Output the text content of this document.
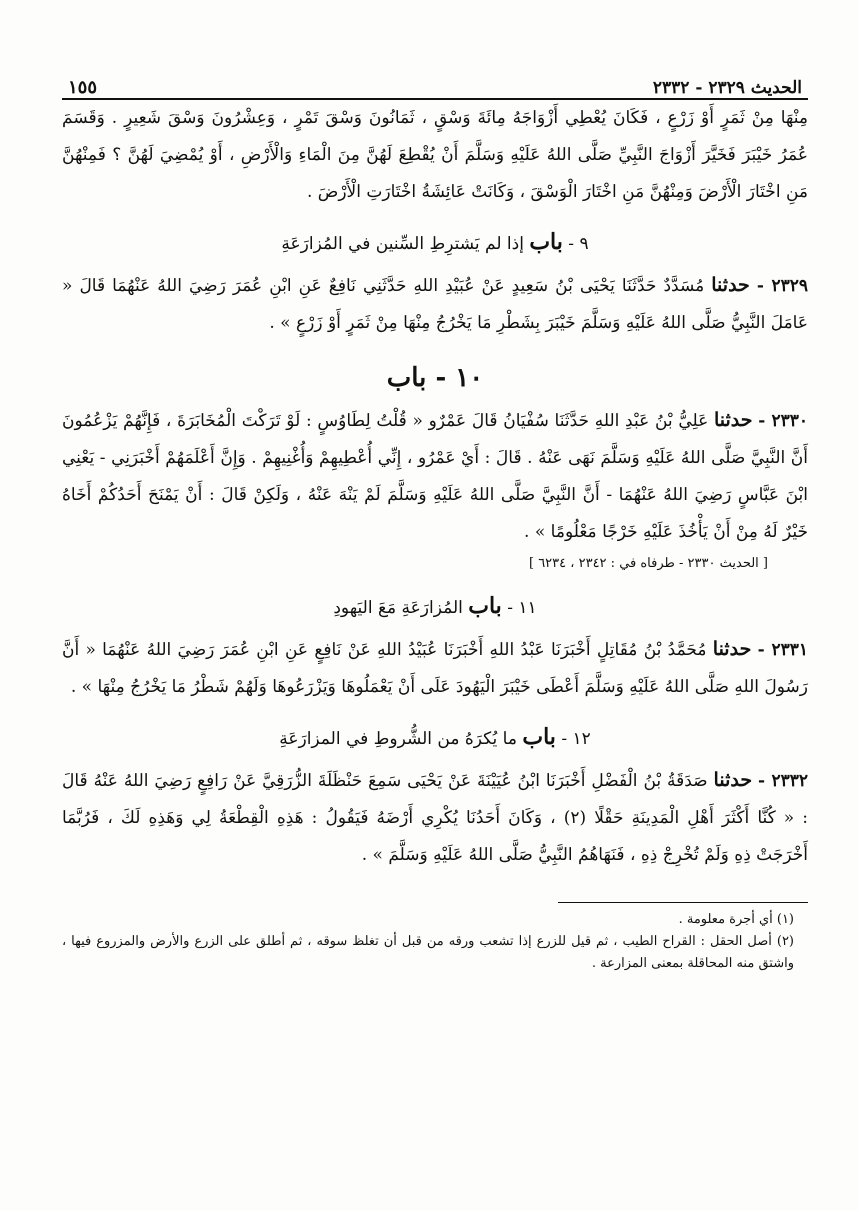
الحديث ٢٣٢٩ - ٢٣٣٢
١٥٥

مِنْهَا مِنْ ثَمَرٍ أَوْ زَرْعٍ ، فَكَانَ يُعْطِي أَزْوَاجَهُ مِائَةَ وَسْقٍ ، ثَمَانُونَ وَسْقَ تَمْرٍ ، وَعِشْرُونَ وَسْقَ شَعِيرٍ . وَقَسَمَ عُمَرُ خَيْبَرَ فَخَيَّرَ أَزْوَاجَ النَّبِيِّ صَلَّى اللهُ عَلَيْهِ وَسَلَّمَ أَنْ يُقْطِعَ لَهُنَّ مِنَ الْمَاءِ وَالْأَرْضِ ، أَوْ يُمْضِيَ لَهُنَّ ؟ فَمِنْهُنَّ مَنِ اخْتَارَ الْأَرْضَ وَمِنْهُنَّ مَنِ اخْتَارَ الْوَسْقَ ، وَكَانَتْ عَائِشَةُ اخْتَارَتِ الْأَرْضَ .

٩ - باب إذا لم يَشترِطِ السِّنين في المُزارَعَةِ

٢٣٢٩ - حدثنا مُسَدَّدٌ حَدَّثَنَا يَحْيَى بْنُ سَعِيدٍ عَنْ عُبَيْدِ اللهِ حَدَّثَنِي نَافِعٌ عَنِ ابْنِ عُمَرَ رَضِيَ اللهُ عَنْهُمَا قَالَ « عَامَلَ النَّبِيُّ صَلَّى اللهُ عَلَيْهِ وَسَلَّمَ خَيْبَرَ بِشَطْرِ مَا يَخْرُجُ مِنْهَا مِنْ ثَمَرٍ أَوْ زَرْعٍ » .

١٠ - باب

٢٣٣٠ - حدثنا عَلِيُّ بْنُ عَبْدِ اللهِ حَدَّثَنَا سُفْيَانُ قَالَ عَمْرٌو « قُلْتُ لِطَاوُسٍ : لَوْ تَرَكْتَ الْمُخَابَرَةَ ، فَإِنَّهُمْ يَزْعُمُونَ أَنَّ النَّبِيَّ صَلَّى اللهُ عَلَيْهِ وَسَلَّمَ نَهَى عَنْهُ . قَالَ : أَيْ عَمْرُو ، إِنِّي أُعْطِيهِمْ وَأُغْنِيهِمْ . وَإِنَّ أَعْلَمَهُمْ أَخْبَرَنِي - يَعْنِي ابْنَ عَبَّاسٍ رَضِيَ اللهُ عَنْهُمَا - أَنَّ النَّبِيَّ صَلَّى اللهُ عَلَيْهِ وَسَلَّمَ لَمْ يَنْهَ عَنْهُ ، وَلَكِنْ قَالَ : أَنْ يَمْنَحَ أَحَدُكُمْ أَخَاهُ خَيْرٌ لَهُ مِنْ أَنْ يَأْخُذَ عَلَيْهِ خَرْجًا مَعْلُومًا » .

[ الحديث ٢٣٣٠ - طرفاه في : ٢٣٤٢ ، ٦٢٣٤ ]
١١ - باب المُزارَعَةِ مَعَ اليَهودِ

٢٣٣١ - حدثنا مُحَمَّدُ بْنُ مُقَاتِلٍ أَخْبَرَنَا عَبْدُ اللهِ أَخْبَرَنَا عُبَيْدُ اللهِ عَنْ نَافِعٍ عَنِ ابْنِ عُمَرَ رَضِيَ اللهُ عَنْهُمَا « أَنَّ رَسُولَ اللهِ صَلَّى اللهُ عَلَيْهِ وَسَلَّمَ أَعْطَى خَيْبَرَ الْيَهُودَ عَلَى أَنْ يَعْمَلُوهَا وَيَزْرَعُوهَا وَلَهُمْ شَطْرُ مَا يَخْرُجُ مِنْهَا » .

١٢ - باب ما يُكرَهُ من الشُّروطِ في المزارَعَةِ

٢٣٣٢ - حدثنا صَدَقَةُ بْنُ الْفَضْلِ أَخْبَرَنَا ابْنُ عُيَيْنَةَ عَنْ يَحْيَى سَمِعَ حَنْظَلَةَ الزُّرَقِيَّ عَنْ رَافِعٍ رَضِيَ اللهُ عَنْهُ قَالَ : « كُنَّا أَكْثَرَ أَهْلِ الْمَدِينَةِ حَقْلًا (٢) ، وَكَانَ أَحَدُنَا يُكْرِي أَرْضَهُ فَيَقُولُ : هَذِهِ الْقِطْعَةُ لِي وَهَذِهِ لَكَ ، فَرُبَّمَا أَخْرَجَتْ ذِهِ وَلَمْ تُخْرِجْ ذِهِ ، فَنَهَاهُمُ النَّبِيُّ صَلَّى اللهُ عَلَيْهِ وَسَلَّمَ » .

(١) أي أجرة معلومة .

(٢) أصل الحقل : القراح الطيب ، ثم قيل للزرع إذا تشعب ورقه من قبل أن تغلظ سوقه ، ثم أطلق على الزرع والأرض والمزروع فيها ، واشتق منه المحاقلة بمعنى المزارعة .
